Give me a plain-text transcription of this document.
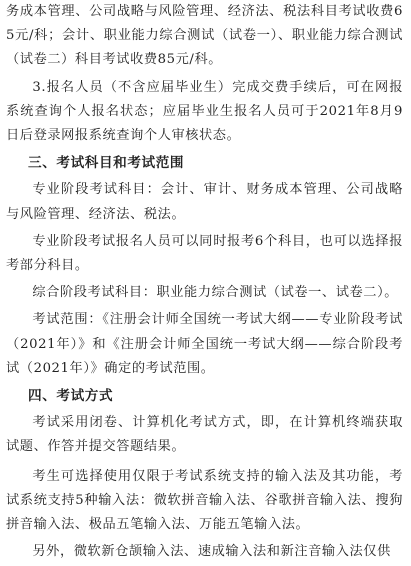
务成本管理、公司战略与风险管理、经济法、税法科目考试收费65元/科；会计、职业能力综合测试（试卷一）、职业能力综合测试（试卷二）科目考试收费85元/科。

3.报名人员（不含应届毕业生）完成交费手续后，可在网报系统查询个人报名状态；应届毕业生报名人员可于2021年8月9日后登录网报系统查询个人审核状态。

三、考试科目和考试范围

专业阶段考试科目：会计、审计、财务成本管理、公司战略与风险管理、经济法、税法。

专业阶段考试报名人员可以同时报考6个科目，也可以选择报考部分科目。

综合阶段考试科目：职业能力综合测试（试卷一、试卷二）。

考试范围：《注册会计师全国统一考试大纲——专业阶段考试（2021年）》和《注册会计师全国统一考试大纲——综合阶段考试（2021年）》确定的考试范围。

四、考试方式

考试采用闭卷、计算机化考试方式，即，在计算机终端获取试题、作答并提交答题结果。

考生可选择使用仅限于考试系统支持的输入法及其功能，考试系统支持5种输入法：微软拼音输入法、谷歌拼音输入法、搜狗拼音输入法、极品五笔输入法、万能五笔输入法。

另外，微软新仓颉输入法、速成输入法和新注音输入法仅供
